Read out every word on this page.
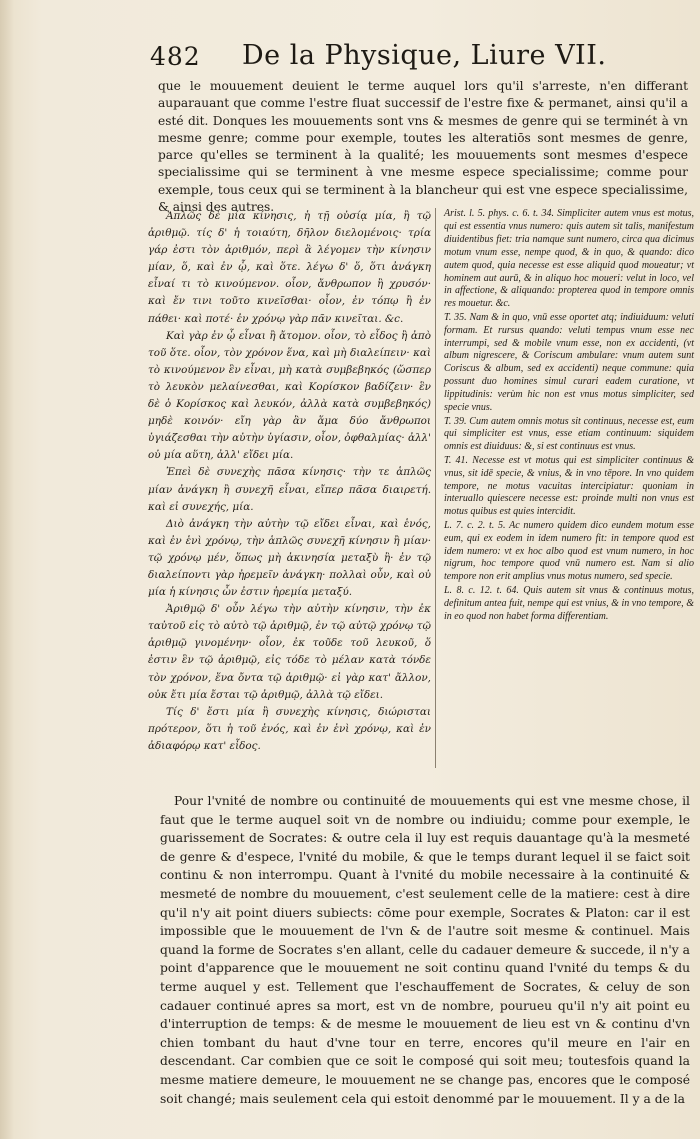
482 De la Physique, Liure VII.

que le mouuement deuient le terme auquel lors qu'il s'arreste, n'en differant auparauant que comme l'estre fluat successif de l'estre fixe & permanet, ainsi qu'il a esté dit. Donques les mouuements sont vns & mesmes de genre qui se terminét à vn mesme genre; comme pour exemple, toutes les alteratiōs sont mesmes de genre, parce qu'elles se terminent à la qualité; les mouuements sont mesmes d'espece specialissime qui se terminent à vne mesme espece specialissime; comme pour exemple, tous ceux qui se terminent à la blancheur qui est vne espece specialissime, & ainsi des autres.

Ἁπλῶς δὲ μία κίνησις, ἡ τῇ οὐσίᾳ μία, ἢ τῷ ἀριθμῷ. τίς δ' ἡ τοιαύτη, δῆλον διελομένοις· τρία γάρ ἐστι τὸν ἀριθμόν, περὶ ἃ λέγομεν τὴν κίνησιν μίαν, ὅ, καὶ ἐν ᾧ, καὶ ὅτε. λέγω δ' ὅ, ὅτι ἀνάγκη εἶναί τι τὸ κινούμενον. οἷον, ἄνθρωπον ἢ χρυσόν· καὶ ἔν τινι τοῦτο κινεῖσθαι· οἷον, ἐν τόπῳ ἢ ἐν πάθει· καὶ ποτέ· ἐν χρόνῳ γὰρ πᾶν κινεῖται. &c.

Καὶ γὰρ ἐν ᾧ εἶναι ἢ ἄτομον. οἷον, τὸ εἶδος ἢ ἀπὸ τοῦ ὅτε. οἷον, τὸν χρόνον ἕνα, καὶ μὴ διαλείπειν· καὶ τὸ κινούμενον ἓν εἶναι, μὴ κατὰ συμβεβηκός (ὥσπερ τὸ λευκὸν μελαίνεσθαι, καὶ Κορίσκον βαδίζειν· ἓν δὲ ὁ Κορίσκος καὶ λευκόν, ἀλλὰ κατὰ συμβεβηκός) μηδὲ κοινόν· εἴη γὰρ ἂν ἅμα δύο ἄνθρωποι ὑγιάζεσθαι τὴν αὐτὴν ὑγίασιν, οἷον, ὀφθαλμίας· ἀλλ' οὐ μία αὕτη, ἀλλ' εἴδει μία.

Ἐπεὶ δὲ συνεχὴς πᾶσα κίνησις· τὴν τε ἁπλῶς μίαν ἀνάγκη ἢ συνεχῆ εἶναι, εἴπερ πᾶσα διαιρετή. καὶ εἰ συνεχής, μία.

Διὸ ἀνάγκη τὴν αὐτὴν τῷ εἴδει εἶναι, καὶ ἑνός, καὶ ἐν ἑνὶ χρόνῳ, τὴν ἁπλῶς συνεχῆ κίνησιν ἢ μίαν· τῷ χρόνῳ μέν, ὅπως μὴ ἀκινησία μεταξὺ ἢ· ἐν τῷ διαλείποντι γὰρ ἠρεμεῖν ἀνάγκη· πολλαὶ οὖν, καὶ οὐ μία ἡ κίνησις ὧν ἐστιν ἠρεμία μεταξύ.

Ἀριθμῷ δ' οὖν λέγω τὴν αὐτὴν κίνησιν, τὴν ἐκ ταὐτοῦ εἰς τὸ αὐτὸ τῷ ἀριθμῷ, ἐν τῷ αὐτῷ χρόνῳ τῷ ἀριθμῷ γινομένην· οἷον, ἐκ τοῦδε τοῦ λευκοῦ, ὅ ἐστιν ἓν τῷ ἀριθμῷ, εἰς τόδε τὸ μέλαν κατὰ τόνδε τὸν χρόνον, ἕνα ὄντα τῷ ἀριθμῷ· εἰ γὰρ κατ' ἄλλον, οὐκ ἔτι μία ἔσται τῷ ἀριθμῷ, ἀλλὰ τῷ εἴδει.

Τίς δ' ἔστι μία ἢ συνεχὴς κίνησις, διώρισται πρότερον, ὅτι ἡ τοῦ ἑνός, καὶ ἐν ἑνὶ χρόνῳ, καὶ ἐν ἀδιαφόρῳ κατ' εἶδος.

Arist. l. 5. phys. c. 6. t. 34. Simpliciter autem vnus est motus, qui est essentia vnus numero: quis autem sit talis, manifestum diuidentibus fiet: tria namque sunt numero, circa qua dicimus motum vnum esse, nempe quod, & in quo, & quando: dico autem quod, quia necesse est esse aliquid quod moueatur; vt hominem aut aurū, & in aliquo hoc moueri: velut in loco, vel in affectione, & aliquando: propterea quod in tempore omnis res mouetur. &c.

T. 35. Nam & in quo, vnū esse oportet atq; indiuiduum: veluti formam. Et rursus quando: veluti tempus vnum esse nec interrumpi, sed & mobile vnum esse, non ex accidenti, (vt album nigrescere, & Coriscum ambulare: vnum autem sunt Coriscus & album, sed ex accidenti) neque commune: quia possunt duo homines simul curari eadem curatione, vt lippitudinis: verùm hic non est vnus motus simpliciter, sed specie vnus.

T. 39. Cum autem omnis motus sit continuus, necesse est, eum qui simpliciter est vnus, esse etiam continuum: siquidem omnis est diuiduus: &, si est continuus est vnus.

T. 41. Necesse est vt motus qui est simpliciter continuus & vnus, sit idē specie, & vnius, & in vno tēpore. In vno quidem tempore, ne motus vacuitas intercipiatur: quoniam in interuallo quiescere necesse est: proinde multi non vnus est motus quibus est quies intercidit.

L. 7. c. 2. t. 5. Ac numero quidem dico eundem motum esse eum, qui ex eodem in idem numero fit: in tempore quod est idem numero: vt ex hoc albo quod est vnum numero, in hoc nigrum, hoc tempore quod vnū numero est. Nam si alio tempore non erit amplius vnus motus numero, sed specie.

L. 8. c. 12. t. 64. Quis autem sit vnus & continuus motus, definitum antea fuit, nempe qui est vnius, & in vno tempore, & in eo quod non habet forma differentiam.

Pour l'vnité de nombre ou continuité de mouuements qui est vne mesme chose, il faut que le terme auquel soit vn de nombre ou indiuidu; comme pour exemple, le guarissement de Socrates: & outre cela il luy est requis dauantage qu'à la mesmeté de genre & d'espece, l'vnité du mobile, & que le temps durant lequel il se faict soit continu & non interrompu. Quant à l'vnité du mobile necessaire à la continuité & mesmeté de nombre du mouuement, c'est seulement celle de la matiere: cest à dire qu'il n'y ait point diuers subiects: cōme pour exemple, Socrates & Platon: car il est impossible que le mouuement de l'vn & de l'autre soit mesme & continuel. Mais quand la forme de Socrates s'en allant, celle du cadauer demeure & succede, il n'y a point d'apparence que le mouuement ne soit continu quand l'vnité du temps & du terme auquel y est. Tellement que l'eschauffement de Socrates, & celuy de son cadauer continué apres sa mort, est vn de nombre, pourueu qu'il n'y ait point eu d'interruption de temps: & de mesme le mouuement de lieu est vn & continu d'vn chien tombant du haut d'vne tour en terre, encores qu'il meure en l'air en descendant. Car combien que ce soit le composé qui soit meu; toutesfois quand la mesme matiere demeure, le mouuement ne se change pas, encores que le composé soit changé; mais seulement cela qui estoit denommé par le mouuement. Il y a de la
